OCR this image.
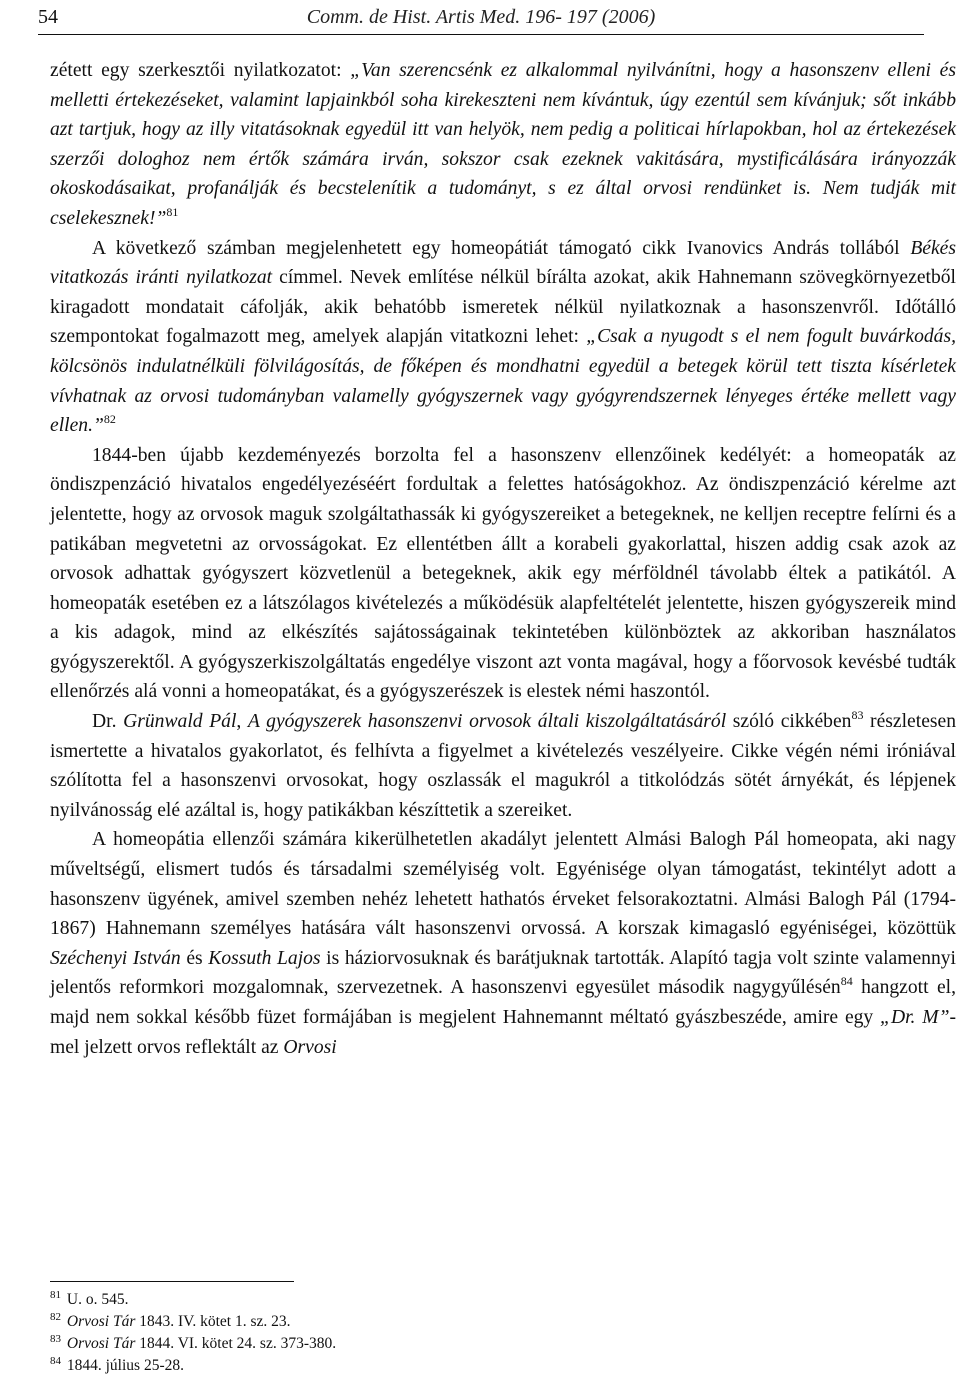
54	Comm. de Hist. Artis Med. 196- 197 (2006)

zétett egy szerkesztői nyilatkozatot: „Van szerencsénk ez alkalommal nyilvánítni, hogy a hasonszenv elleni és melletti értekezéseket, valamint lapjainkból soha kirekeszteni nem kívántuk, úgy ezentúl sem kívánjuk; sőt inkább azt tartjuk, hogy az illy vitatásoknak egyedül itt van helyök, nem pedig a politicai hírlapokban, hol az értekezések szerzői dologhoz nem értők számára irván, sokszor csak ezeknek vakitására, mystificálására irányozzák okoskodásaikat, profanálják és becstelenítik a tudományt, s ez által orvosi rendünket is. Nem tudják mit cselekesznek!”$^{81}$

A következő számban megjelenhetett egy homeopátiát támogató cikk Ivanovics András tollából Békés vitatkozás iránti nyilatkozat címmel. Nevek említése nélkül bírálta azokat, akik Hahnemann szövegkörnyezetből kiragadott mondatait cáfolják, akik behatóbb ismeretek nélkül nyilatkoznak a hasonszenvről. Időtálló szempontokat fogalmazott meg, amelyek alapján vitatkozni lehet: „Csak a nyugodt s el nem fogult buvárkodás, kölcsönös indulatnélküli fölvilágosítás, de főképen és mondhatni egyedül a betegek körül tett tiszta kísérletek vívhatnak az orvosi tudományban valamelly gyógyszernek vagy gyógyrendszernek lényeges értéke mellett vagy ellen.”$^{82}$

1844-ben újabb kezdeményezés borzolta fel a hasonszenv ellenzőinek kedélyét: a homeopaták az öndiszpenzáció hivatalos engedélyezéséért fordultak a felettes hatóságokhoz. Az öndiszpenzáció kérelme azt jelentette, hogy az orvosok maguk szolgáltathassák ki gyógyszereiket a betegeknek, ne kelljen receptre felírni és a patikában megvetetni az orvosságokat. Ez ellentétben állt a korabeli gyakorlattal, hiszen addig csak azok az orvosok adhattak gyógyszert közvetlenül a betegeknek, akik egy mérföldnél távolabb éltek a patikától. A homeopaták esetében ez a látszólagos kivételezés a működésük alapfeltételét jelentette, hiszen gyógyszereik mind a kis adagok, mind az elkészítés sajátosságainak tekintetében különböztek az akkoriban használatos gyógyszerektől. A gyógyszerkiszolgáltatás engedélye viszont azt vonta magával, hogy a főorvosok kevésbé tudták ellenőrzés alá vonni a homeopatákat, és a gyógyszerészek is elestek némi haszontól.

Dr. Grünwald Pál, A gyógyszerek hasonszenvi orvosok általi kiszolgáltatásáról szóló cikkében$^{83}$ részletesen ismertette a hivatalos gyakorlatot, és felhívta a figyelmet a kivételezés veszélyeire. Cikke végén némi iróniával szólította fel a hasonszenvi orvosokat, hogy oszlassák el magukról a titkolódzás sötét árnyékát, és lépjenek nyilvánosság elé azáltal is, hogy patikákban készíttetik a szereiket.

A homeopátia ellenzői számára kikerülhetetlen akadályt jelentett Almási Balogh Pál homeopata, aki nagy műveltségű, elismert tudós és társadalmi személyiség volt. Egyénisége olyan támogatást, tekintélyt adott a hasonszenv ügyének, amivel szemben nehéz lehetett hathatós érveket felsorakoztatni. Almási Balogh Pál (1794-1867) Hahnemann személyes hatására vált hasonszenvi orvossá. A korszak kimagasló egyéniségei, közöttük Széchenyi István és Kossuth Lajos is háziorvosuknak és barátjuknak tartották. Alapító tagja volt szinte valamennyi jelentős reformkori mozgalomnak, szervezetnek. A hasonszenvi egyesület második nagygyűlésén$^{84}$ hangzott el, majd nem sokkal később füzet formájában is megjelent Hahnemannt méltató gyászbeszéde, amire egy „Dr. M”-mel jelzett orvos reflektált az Orvosi

$^{81}$ U. o. 545.
$^{82}$ Orvosi Tár 1843. IV. kötet 1. sz. 23.
$^{83}$ Orvosi Tár 1844. VI. kötet 24. sz. 373-380.
$^{84}$ 1844. július 25-28.
